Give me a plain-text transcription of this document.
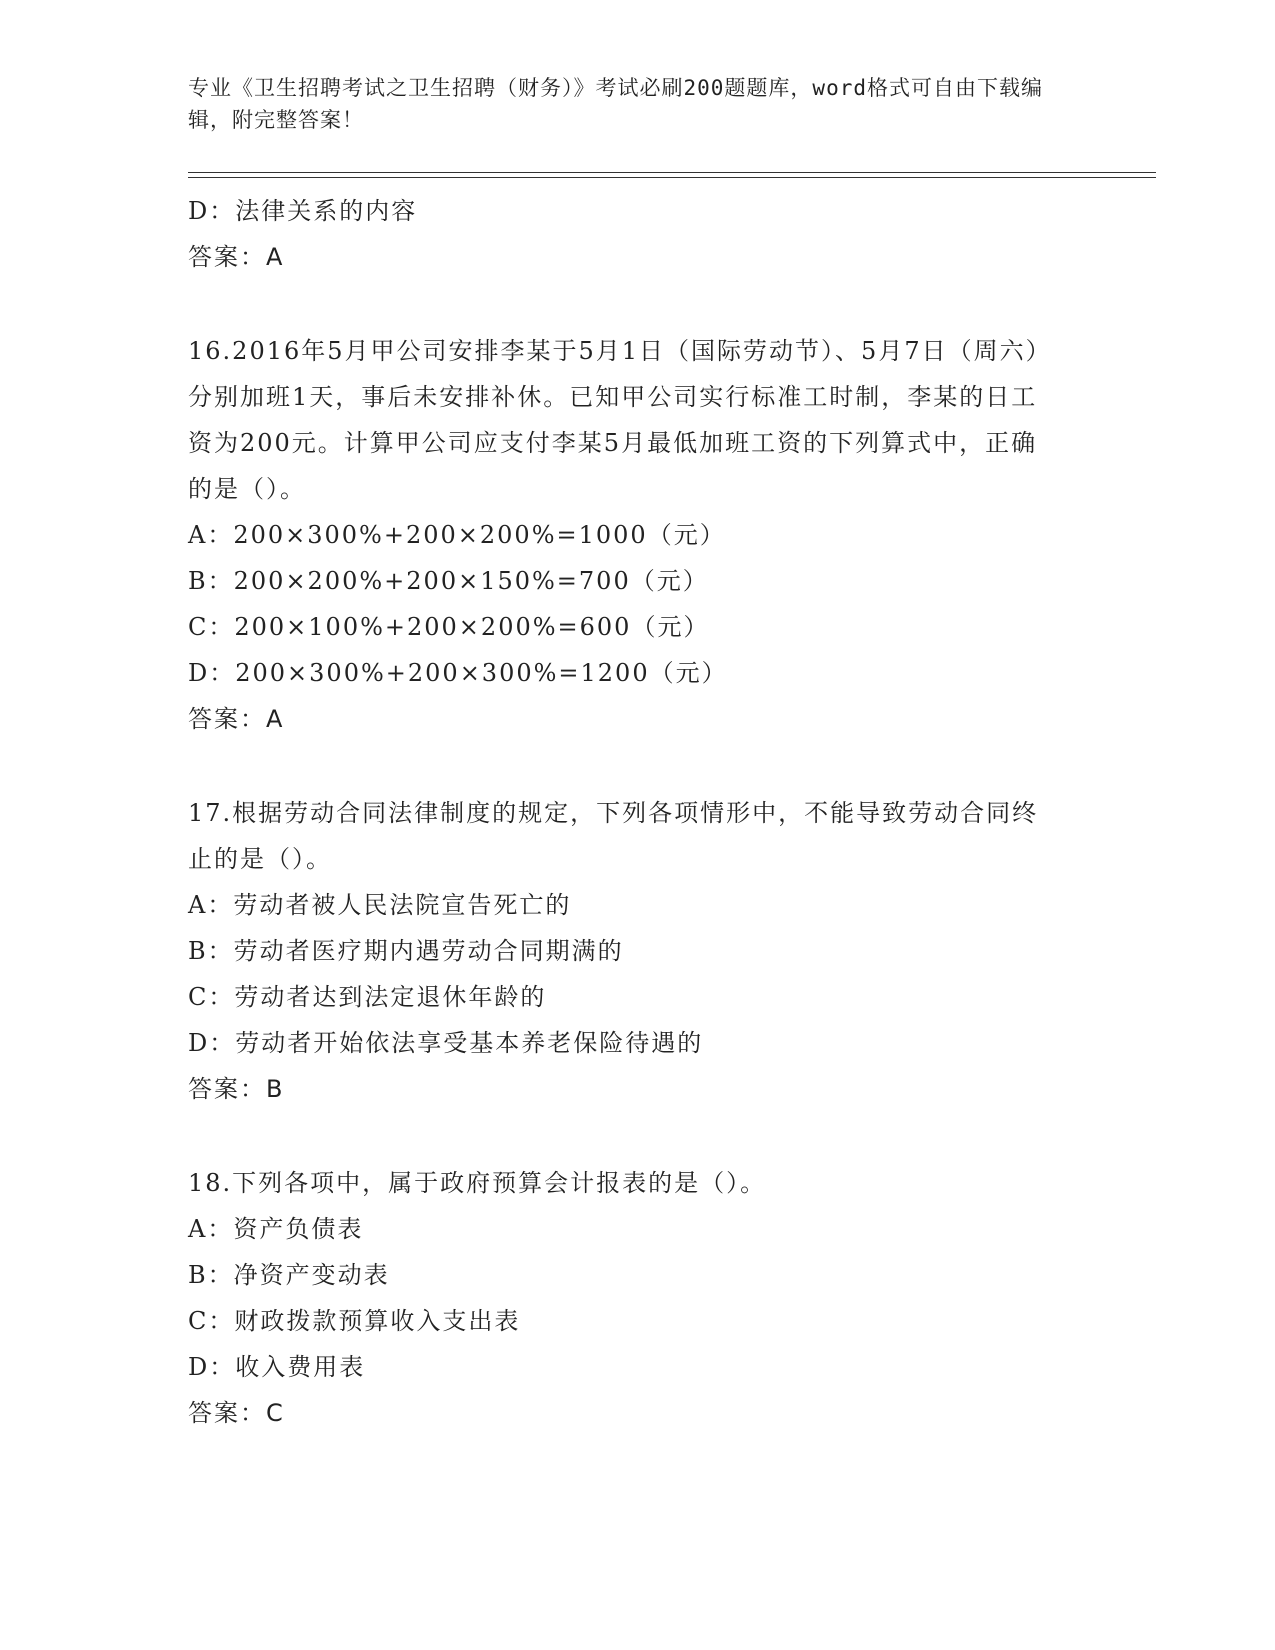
专业《卫生招聘考试之卫生招聘（财务）》考试必刷200题题库，word格式可自由下载编辑，附完整答案！
D：法律关系的内容
答案：A
16.2016年5月甲公司安排李某于5月1日（国际劳动节）、5月7日（周六）分别加班1天，事后未安排补休。已知甲公司实行标准工时制，李某的日工资为200元。计算甲公司应支付李某5月最低加班工资的下列算式中，正确的是（）。
A：200×300%+200×200%=1000（元）
B：200×200%+200×150%=700（元）
C：200×100%+200×200%=600（元）
D：200×300%+200×300%=1200（元）
答案：A
17.根据劳动合同法律制度的规定，下列各项情形中，不能导致劳动合同终止的是（）。
A：劳动者被人民法院宣告死亡的
B：劳动者医疗期内遇劳动合同期满的
C：劳动者达到法定退休年龄的
D：劳动者开始依法享受基本养老保险待遇的
答案：B
18.下列各项中，属于政府预算会计报表的是（）。
A：资产负债表
B：净资产变动表
C：财政拨款预算收入支出表
D：收入费用表
答案：C
